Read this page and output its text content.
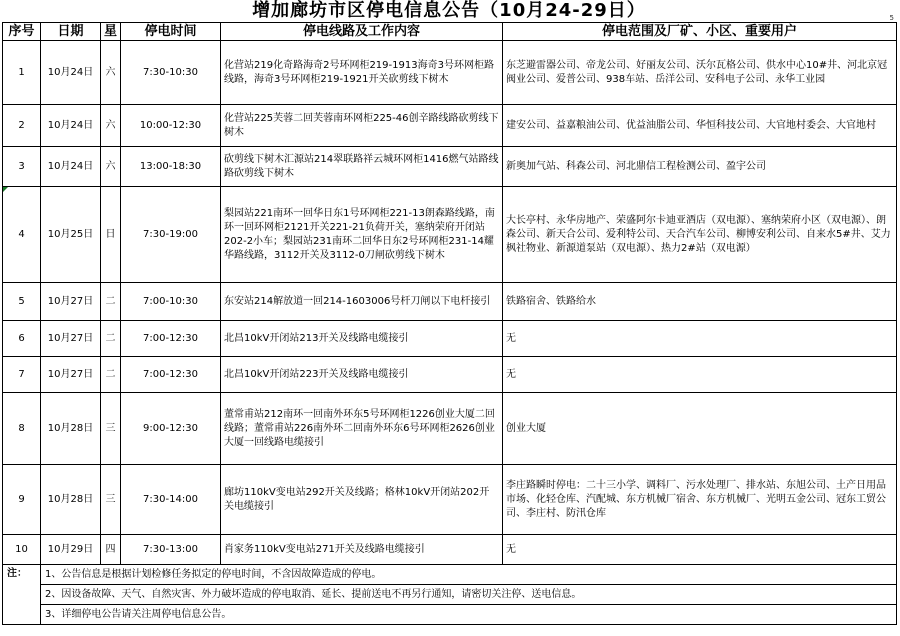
增加廊坊市区停电信息公告（10月24-29日）	5
序号	日期	星	停电时间	停电线路及工作内容	停电范围及厂矿、小区、重要用户
1	10月24日	六	7:30-10:30	化营站219化奇路海奇2号环网柜219-1913海奇3号环网柜路线路，海奇3号环网柜219-1921开关砍剪线下树木	东芝避雷器公司、帝龙公司、好丽友公司、沃尔瓦格公司、供水中心10#井、河北京冠阀业公司、爱普公司、938车站、岳洋公司、安科电子公司、永华工业园
2	10月24日	六	10:00-12:30	化营站225芙蓉二回芙蓉南环网柜225-46创辛路线路砍剪线下树木	建安公司、益嘉粮油公司、优益油脂公司、华恒科技公司、大官地村委会、大官地村
3	10月24日	六	13:00-18:30	砍剪线下树木汇源站214翠联路祥云城环网柜1416燃气站路线路砍剪线下树木	新奥加气站、科森公司、河北鼎信工程检测公司、盈宇公司

4	10月25日	日	7:30-19:00	梨园站221南环一回华日东1号环网柜221-13朗森路线路，南环一回环网柜2121开关221-21负荷开关，塞纳荣府开闭站202-2小车；梨园站231南环二回华日东2号环网柜231-14耀华路线路，3112开关及3112-0刀闸砍剪线下树木	大长亭村、永华房地产、荣盛阿尔卡迪亚酒店（双电源）、塞纳荣府小区（双电源）、朗森公司、新天合公司、爱利特公司、天合汽车公司、柳博安利公司、自来水5#井、艾力枫社物业、新源道泵站（双电源）、热力2#站（双电源）
5	10月27日	二	7:00-10:30	东安站214解放道一回214-1603006号杆刀闸以下电杆接引	铁路宿舍、铁路给水
6	10月27日	二	7:00-12:30	北昌10kV开闭站213开关及线路电缆接引	无
7	10月27日	二	7:00-12:30	北昌10kV开闭站223开关及线路电缆接引	无
8	10月28日	三	9:00-12:30	董常甫站212南环一回南外环东5号环网柜1226创业大厦二回线路；董常甫站226南外环二回南外环东6号环网柜2626创业大厦一回线路电缆接引	创业大厦
9	10月28日	三	7:30-14:00	廊坊110kV变电站292开关及线路；格林10kV开闭站202开关电缆接引	李庄路瞬时停电：二十三小学、调料厂、污水处理厂、排水站、东旭公司、土产日用品市场、化轻仓库、汽配城、东方机械厂宿舍、东方机械厂、光明五金公司、冠东工贸公司、李庄村、防汛仓库
10	10月29日	四	7:30-13:00	肖家务110kV变电站271开关及线路电缆接引	无
注：	1、公告信息是根据计划检修任务拟定的停电时间，不含因故障造成的停电。				
	2、因设备故障、天气、自然灾害、外力破坏造成的停电取消、延长、提前送电不再另行通知，请密切关注停、送电信息。				
	3、详细停电公告请关注周停电信息公告。				
